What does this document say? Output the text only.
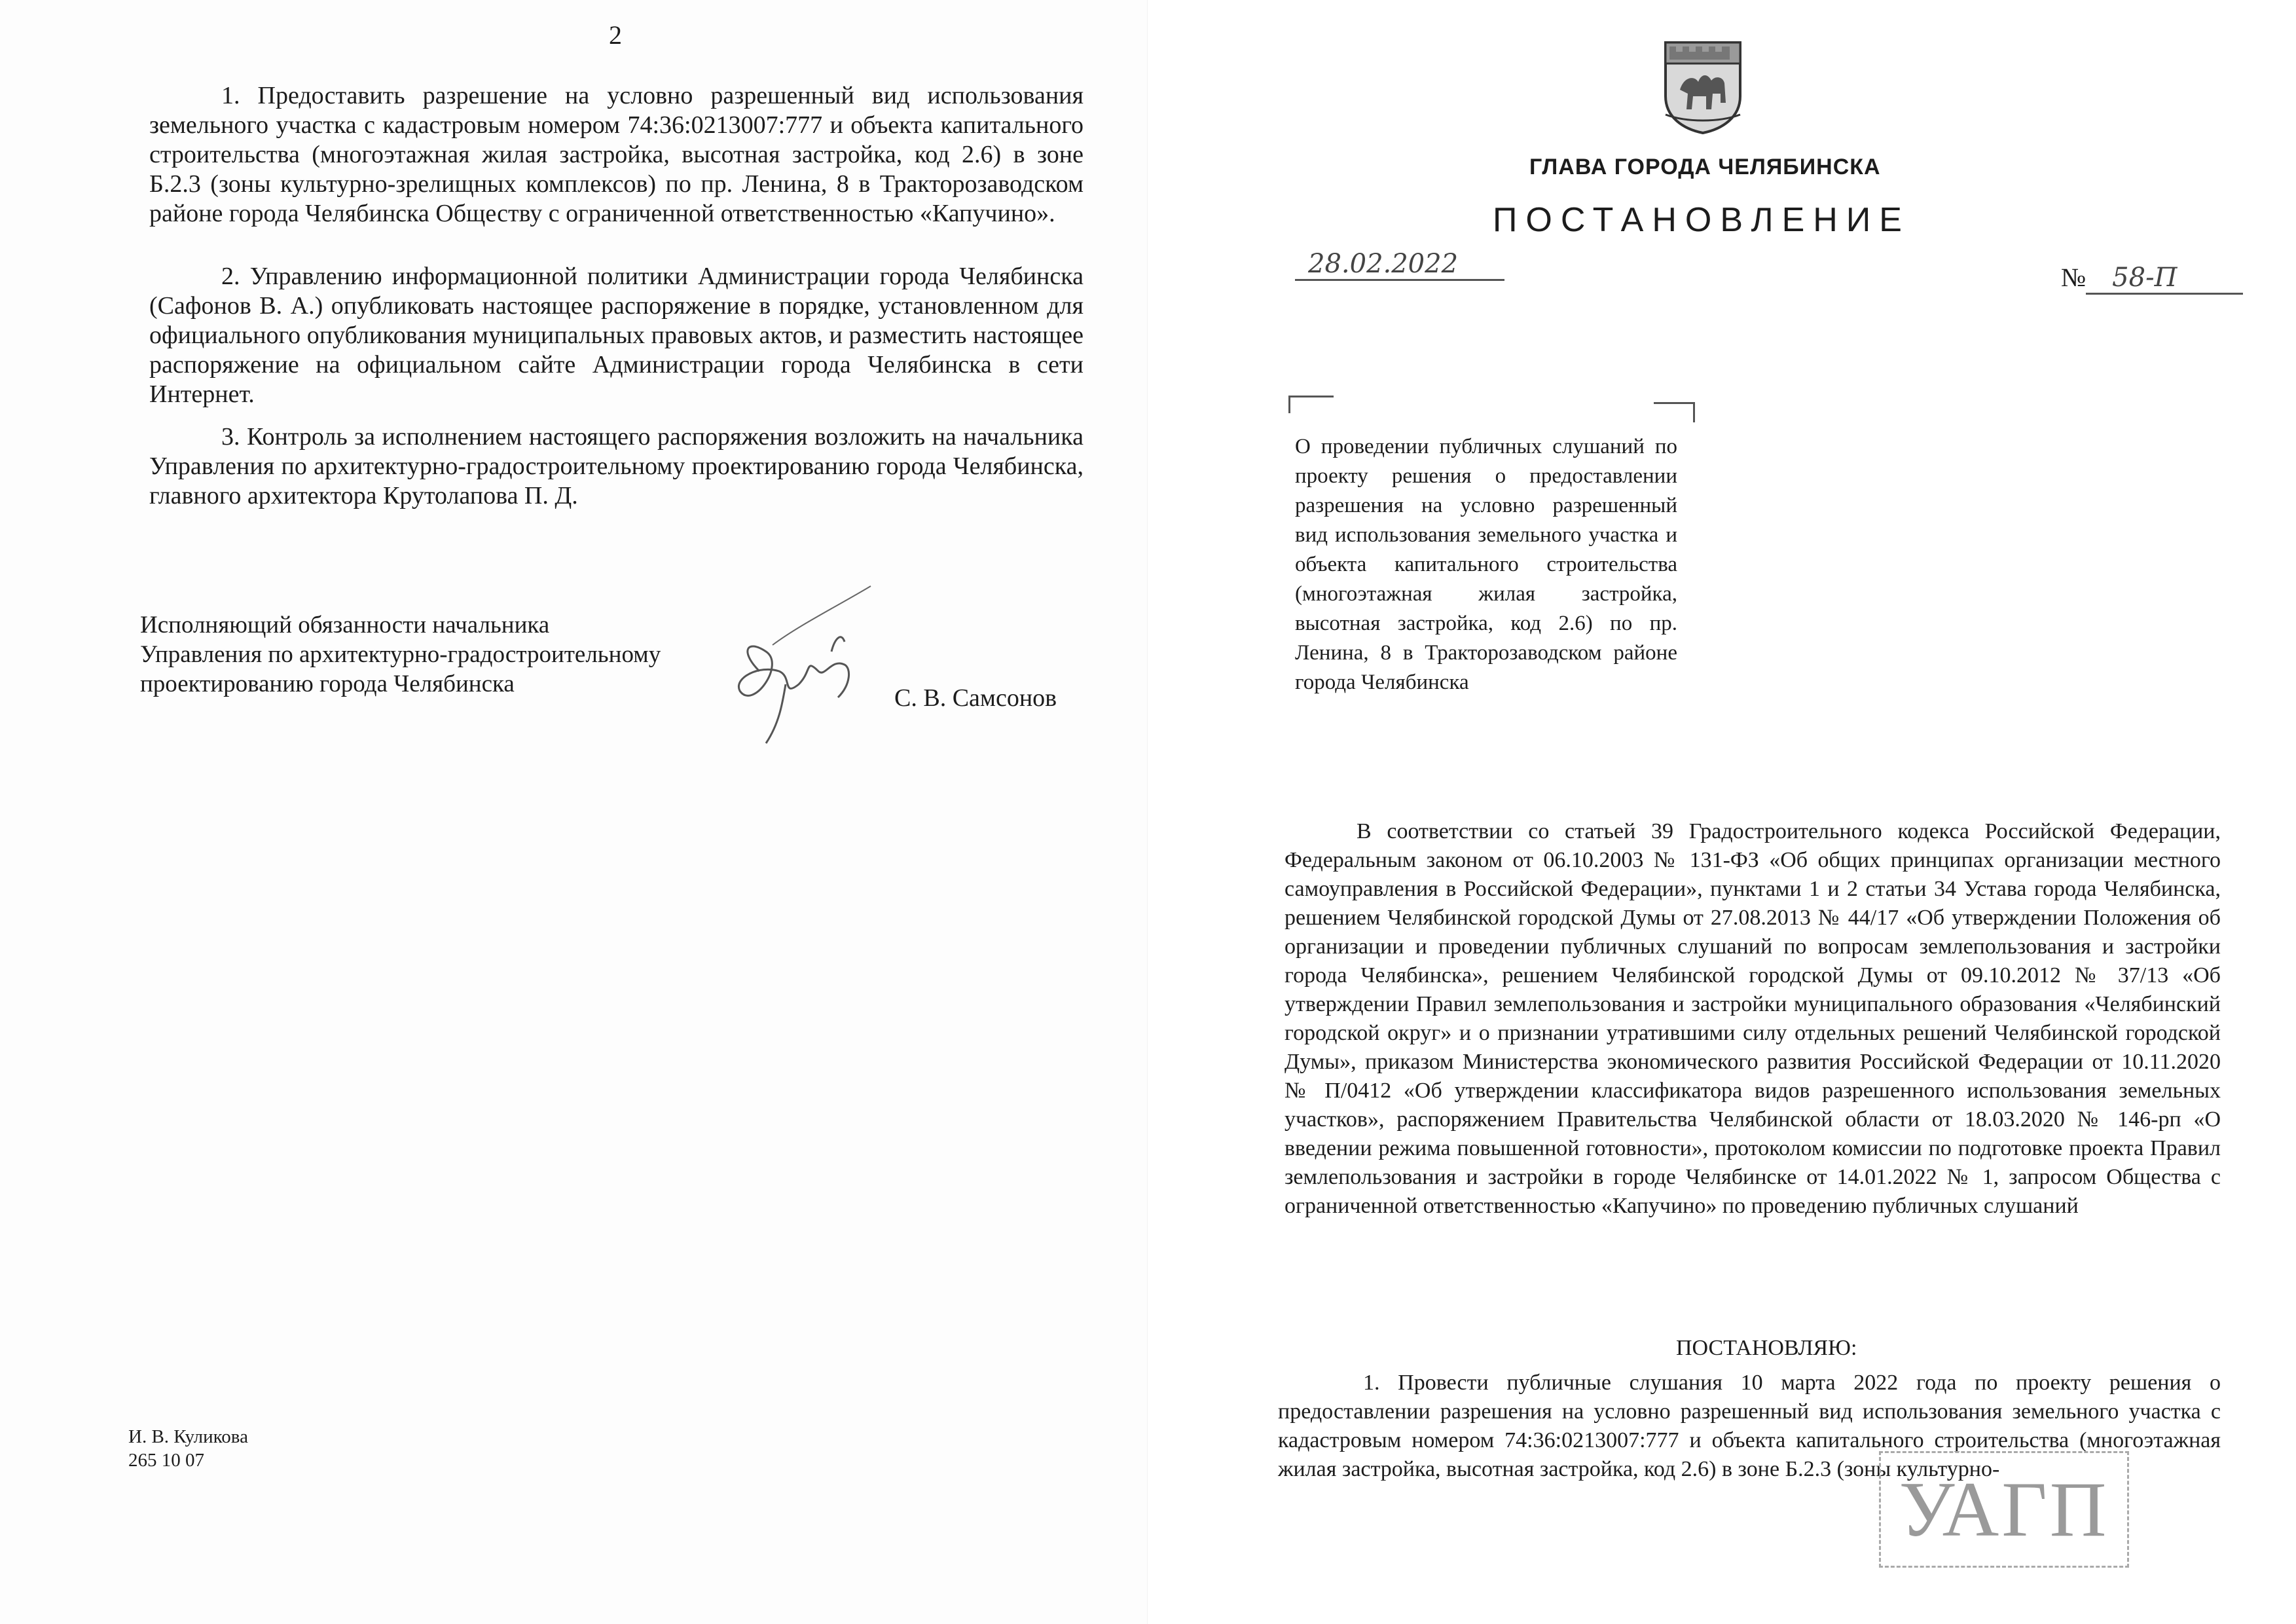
2

1. Предоставить разрешение на условно разрешенный вид использования земельного участка с кадастровым номером 74:36:0213007:777 и объекта капитального строительства (многоэтажная жилая застройка, высотная застройка, код 2.6) в зоне Б.2.3 (зоны культурно-зрелищных комплексов) по пр. Ленина, 8 в Тракторозаводском районе города Челябинска Обществу с ограниченной ответственностью «Капучино».

2. Управлению информационной политики Администрации города Челябинска (Сафонов В. А.) опубликовать настоящее распоряжение в порядке, установленном для официального опубликования муниципальных правовых актов, и разместить настоящее распоряжение на официальном сайте Администрации города Челябинска в сети Интернет.

3. Контроль за исполнением настоящего распоряжения возложить на начальника Управления по архитектурно-градостроительному проектированию города Челябинска, главного архитектора Крутолапова П. Д.

Исполняющий обязанности начальника
Управления по архитектурно-градостроительному
проектированию города Челябинска
С. В. Самсонов
И. В. Куликова
265 10 07
ГЛАВА ГОРОДА ЧЕЛЯБИНСКА
ПОСТАНОВЛЕНИЕ
28.02.2022	№ 58-П

О проведении публичных слушаний по проекту решения о предоставлении разрешения на условно разрешенный вид использования земельного участка и объекта капитального строительства (многоэтажная жилая застройка, высотная застройка, код 2.6) по пр. Ленина, 8 в Тракторозаводском районе города Челябинска

В соответствии со статьей 39 Градостроительного кодекса Российской Федерации, Федеральным законом от 06.10.2003 № 131-ФЗ «Об общих принципах организации местного самоуправления в Российской Федерации», пунктами 1 и 2 статьи 34 Устава города Челябинска, решением Челябинской городской Думы от 27.08.2013 № 44/17 «Об утверждении Положения об организации и проведении публичных слушаний по вопросам землепользования и застройки города Челябинска», решением Челябинской городской Думы от 09.10.2012 № 37/13 «Об утверждении Правил землепользования и застройки муниципального образования «Челябинский городской округ» и о признании утратившими силу отдельных решений Челябинской городской Думы», приказом Министерства экономического развития Российской Федерации от 10.11.2020 № П/0412 «Об утверждении классификатора видов разрешенного использования земельных участков», распоряжением Правительства Челябинской области от 18.03.2020 № 146-рп «О введении режима повышенной готовности», протоколом комиссии по подготовке проекта Правил землепользования и застройки в городе Челябинске от 14.01.2022 № 1, запросом Общества с ограниченной ответственностью «Капучино» по проведению публичных слушаний

ПОСТАНОВЛЯЮ:

1. Провести публичные слушания 10 марта 2022 года по проекту решения о предоставлении разрешения на условно разрешенный вид использования земельного участка с кадастровым номером 74:36:0213007:777 и объекта капитального строительства (многоэтажная жилая застройка, высотная застройка, код 2.6) в зоне Б.2.3 (зоны культурно-

УАГП
